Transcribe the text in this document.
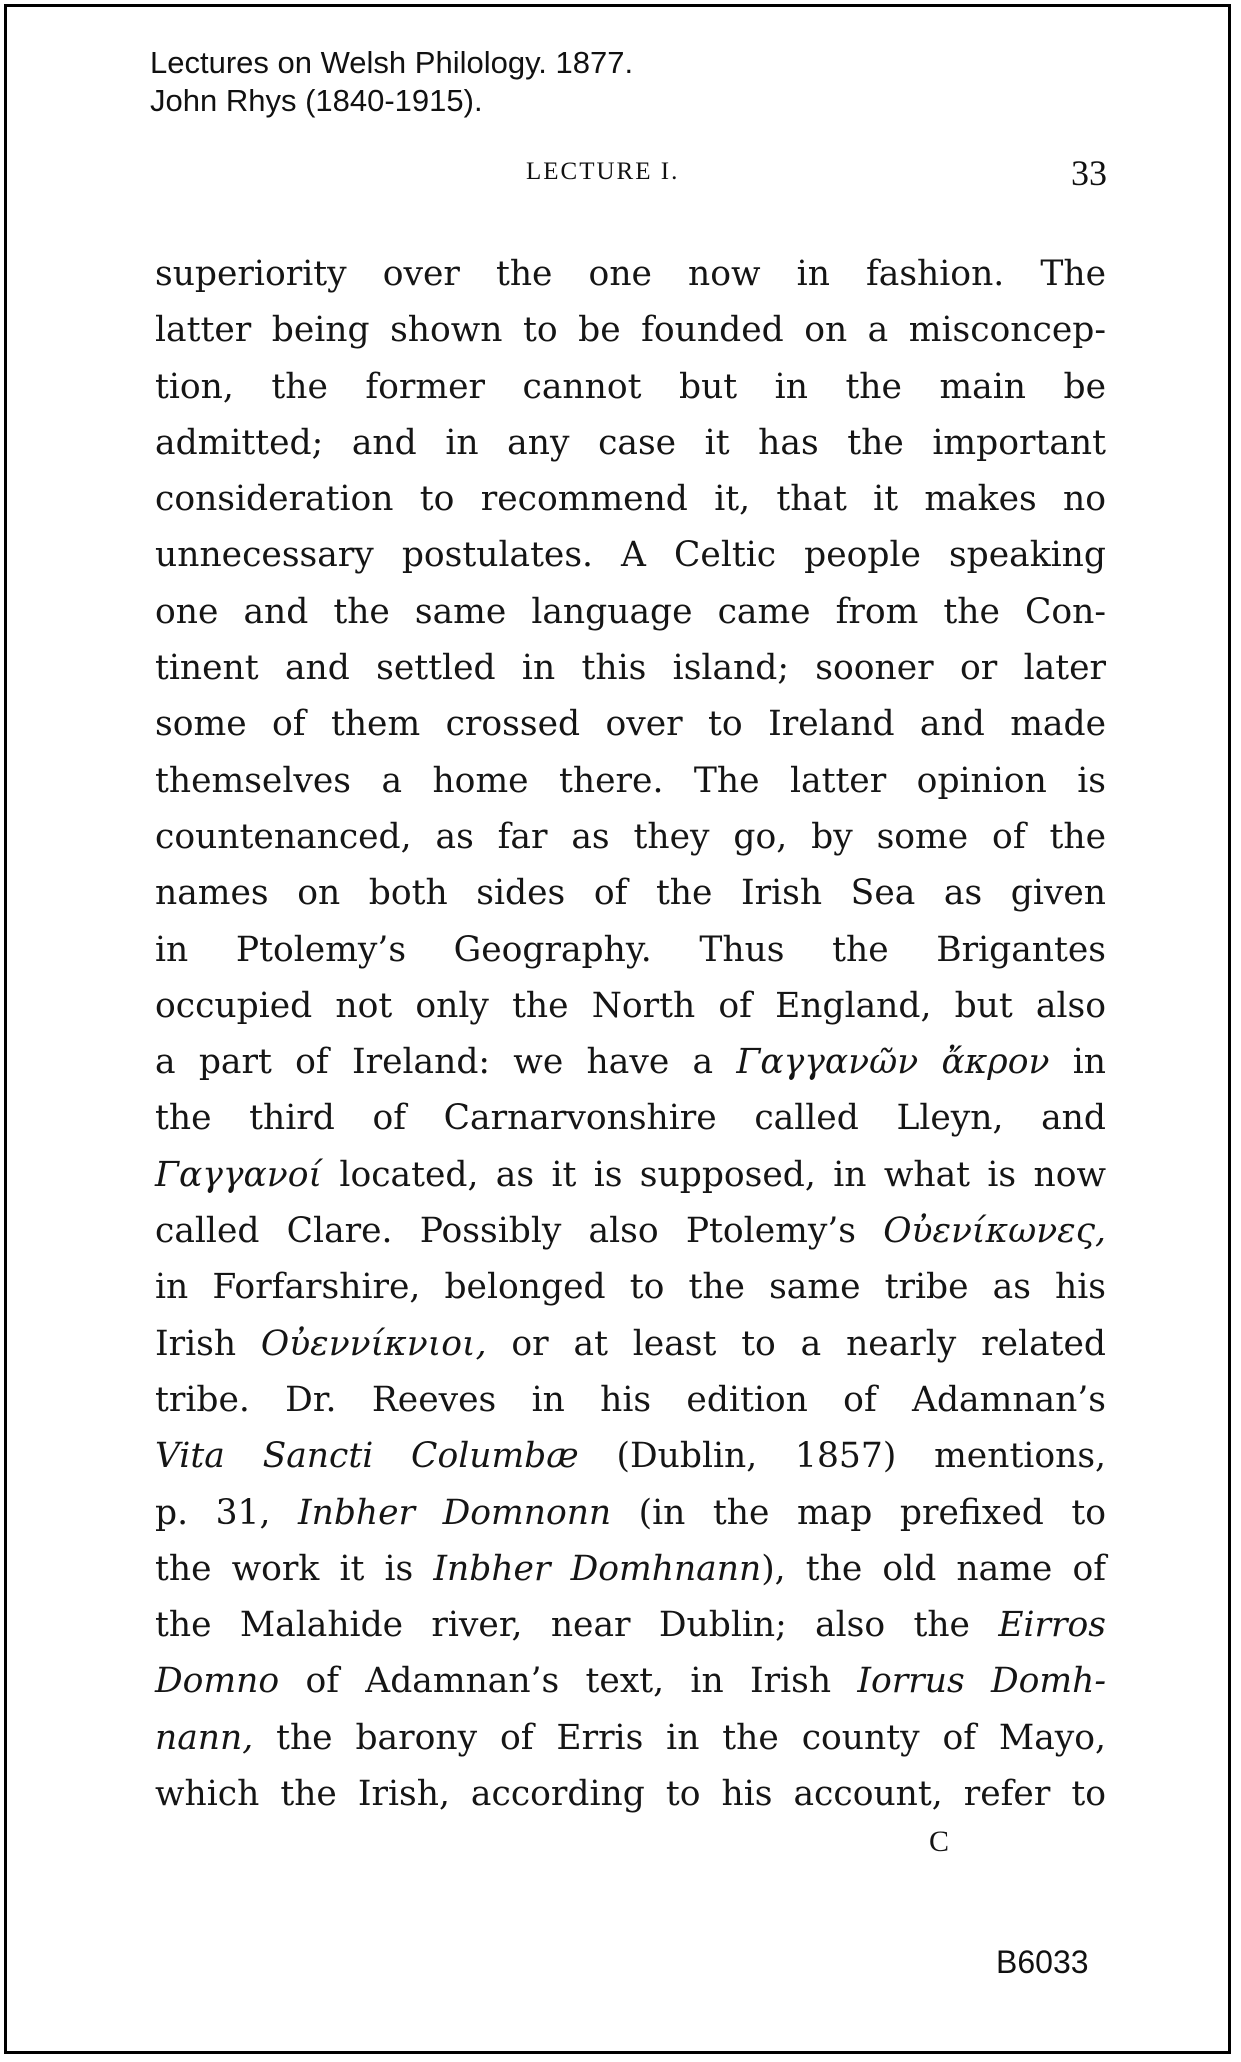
Lectures on Welsh Philology. 1877.
John Rhys (1840-1915).
LECTURE I.	33
superiority over the one now in fashion. The
latter being shown to be founded on a misconcep-
tion, the former cannot but in the main be
admitted; and in any case it has the important
consideration to recommend it, that it makes no
unnecessary postulates. A Celtic people speaking
one and the same language came from the Con-
tinent and settled in this island; sooner or later
some of them crossed over to Ireland and made
themselves a home there. The latter opinion is
countenanced, as far as they go, by some of the
names on both sides of the Irish Sea as given
in Ptolemy’s Geography. Thus the Brigantes
occupied not only the North of England, but also
a part of Ireland: we have a Γαγγανῶν ἄκρον in
the third of Carnarvonshire called Lleyn, and
Γαγγανοί located, as it is supposed, in what is now
called Clare. Possibly also Ptolemy’s Οὐενίκωνες,
in Forfarshire, belonged to the same tribe as his
Irish Οὐεννίκνιοι, or at least to a nearly related
tribe. Dr. Reeves in his edition of Adamnan’s
Vita Sancti Columbæ (Dublin, 1857) mentions,
p. 31, Inbher Domnonn (in the map prefixed to
the work it is Inbher Domhnann), the old name of
the Malahide river, near Dublin; also the Eirros
Domno of Adamnan’s text, in Irish Iorrus Domh-
nann, the barony of Erris in the county of Mayo,
which the Irish, according to his account, refer to
C
B6033
